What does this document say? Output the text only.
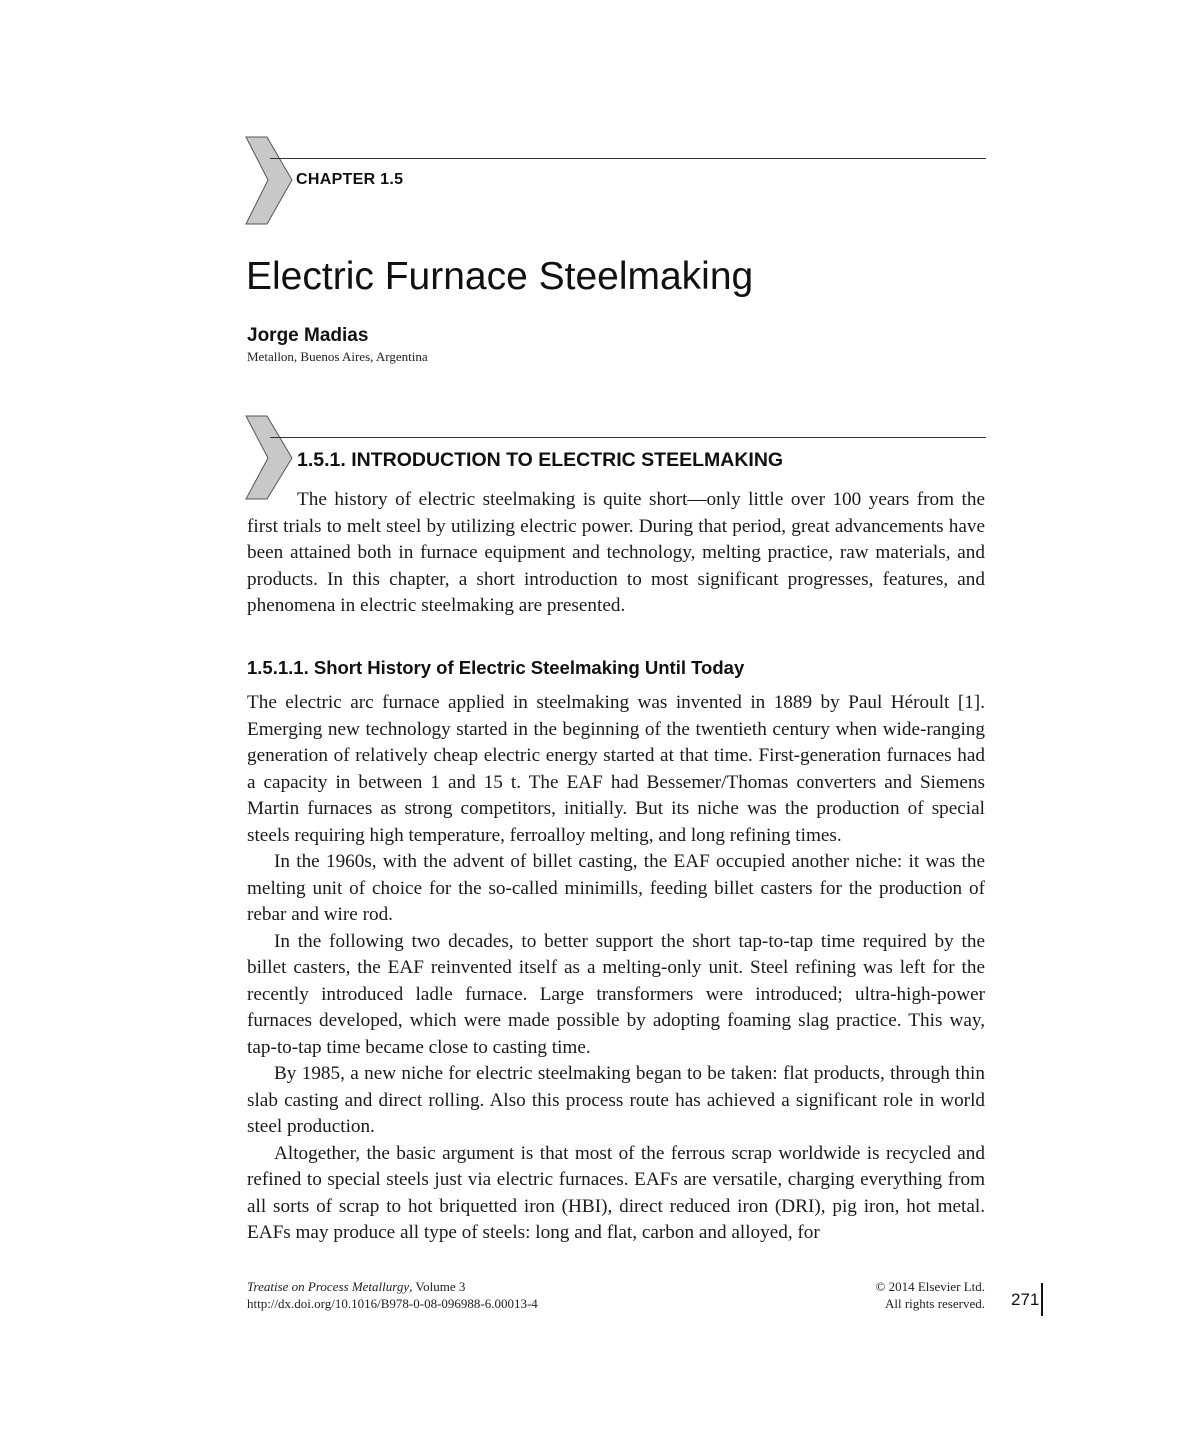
CHAPTER 1.5
Electric Furnace Steelmaking
Jorge Madias
Metallon, Buenos Aires, Argentina
1.5.1. INTRODUCTION TO ELECTRIC STEELMAKING

The history of electric steelmaking is quite short—only little over 100 years from the first trials to melt steel by utilizing electric power. During that period, great advancements have been attained both in furnace equipment and technology, melting practice, raw materials, and products. In this chapter, a short introduction to most significant progresses, features, and phenomena in electric steelmaking are presented.

1.5.1.1. Short History of Electric Steelmaking Until Today

The electric arc furnace applied in steelmaking was invented in 1889 by Paul Héroult [1]. Emerging new technology started in the beginning of the twentieth century when wide-ranging generation of relatively cheap electric energy started at that time. First-generation furnaces had a capacity in between 1 and 15 t. The EAF had Bessemer/Thomas converters and Siemens Martin furnaces as strong competitors, initially. But its niche was the production of special steels requiring high temperature, ferroalloy melting, and long refining times.

In the 1960s, with the advent of billet casting, the EAF occupied another niche: it was the melting unit of choice for the so-called minimills, feeding billet casters for the production of rebar and wire rod.

In the following two decades, to better support the short tap-to-tap time required by the billet casters, the EAF reinvented itself as a melting-only unit. Steel refining was left for the recently introduced ladle furnace. Large transformers were introduced; ultra-high-power furnaces developed, which were made possible by adopting foaming slag practice. This way, tap-to-tap time became close to casting time.

By 1985, a new niche for electric steelmaking began to be taken: flat products, through thin slab casting and direct rolling. Also this process route has achieved a significant role in world steel production.

Altogether, the basic argument is that most of the ferrous scrap worldwide is recycled and refined to special steels just via electric furnaces. EAFs are versatile, charging everything from all sorts of scrap to hot briquetted iron (HBI), direct reduced iron (DRI), pig iron, hot metal. EAFs may produce all type of steels: long and flat, carbon and alloyed, for

Treatise on Process Metallurgy, Volume 3
http://dx.doi.org/10.1016/B978-0-08-096988-6.00013-4
© 2014 Elsevier Ltd.
All rights reserved. 271
